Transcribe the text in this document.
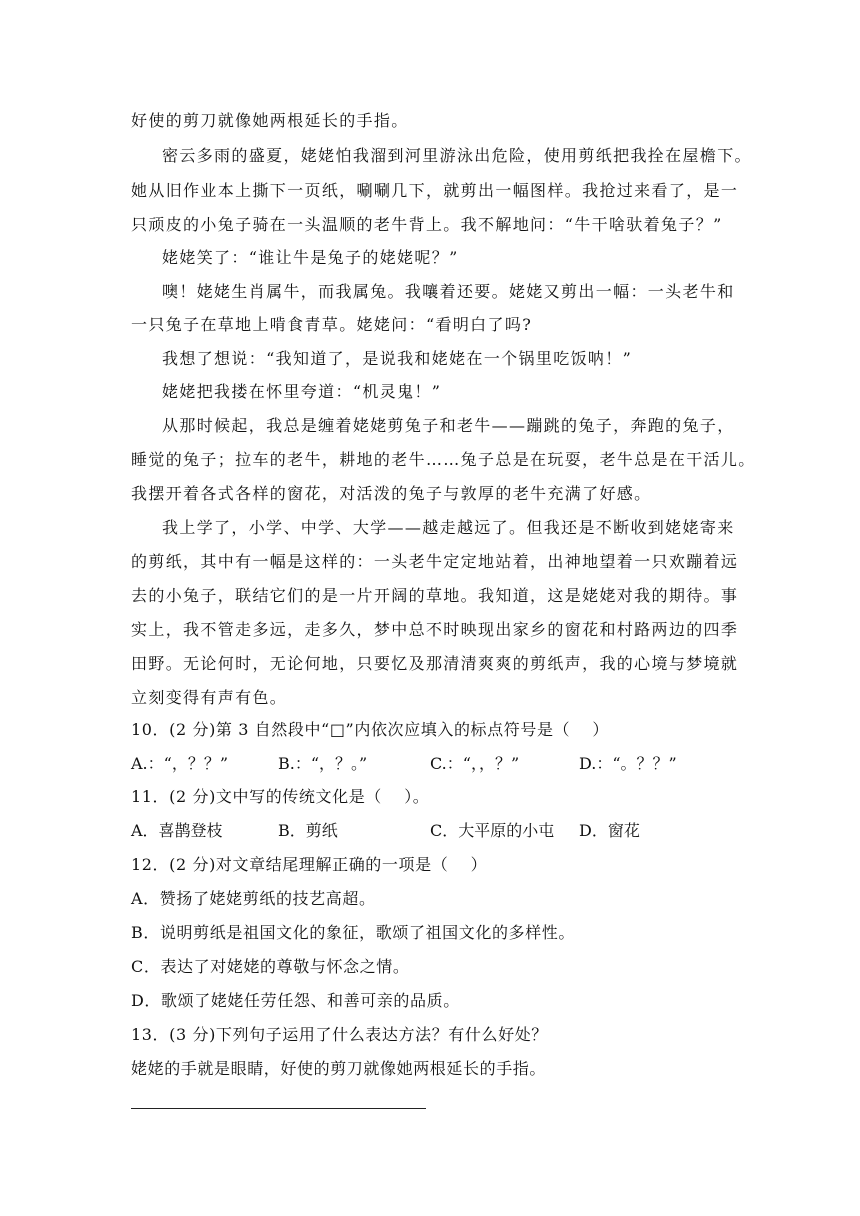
好使的剪刀就像她两根延长的手指。
密云多雨的盛夏，姥姥怕我溜到河里游泳出危险，使用剪纸把我拴在屋檐下。
她从旧作业本上撕下一页纸，唰唰几下，就剪出一幅图样。我抢过来看了，是一
只顽皮的小兔子骑在一头温顺的老牛背上。我不解地问：“牛干啥驮着兔子？”
姥姥笑了：“谁让牛是兔子的姥姥呢？”
噢！姥姥生肖属牛，而我属兔。我嚷着还要。姥姥又剪出一幅：一头老牛和
一只兔子在草地上啃食青草。姥姥问：“看明白了吗?
我想了想说：“我知道了，是说我和姥姥在一个锅里吃饭呐！”
姥姥把我搂在怀里夸道：“机灵鬼！”
从那时候起，我总是缠着姥姥剪兔子和老牛——蹦跳的兔子，奔跑的兔子，
睡觉的兔子；拉车的老牛，耕地的老牛……兔子总是在玩耍，老牛总是在干活儿。
我摆开着各式各样的窗花，对活泼的兔子与敦厚的老牛充满了好感。
我上学了，小学、中学、大学——越走越远了。但我还是不断收到姥姥寄来
的剪纸，其中有一幅是这样的：一头老牛定定地站着，出神地望着一只欢蹦着远
去的小兔子，联结它们的是一片开阔的草地。我知道，这是姥姥对我的期待。事
实上，我不管走多远，走多久，梦中总不时映现出家乡的窗花和村路两边的四季
田野。无论何时，无论何地，只要忆及那清清爽爽的剪纸声，我的心境与梦境就
立刻变得有声有色。
10．(2 分)第 3 自然段中“□”内依次应填入的标点符号是（　 ）
A.：“，？？”	B.：“，？。”	C.：“，，？”	D.：“。？？”
11．(2 分)文中写的传统文化是（　 ）。
A．喜鹊登枝	B．剪纸	C．大平原的小屯 D．窗花
12．(2 分)对文章结尾理解正确的一项是（　 ）
A．赞扬了姥姥剪纸的技艺高超。
B．说明剪纸是祖国文化的象征，歌颂了祖国文化的多样性。
C．表达了对姥姥的尊敬与怀念之情。
D．歌颂了姥姥任劳任怨、和善可亲的品质。
13．(3 分)下列句子运用了什么表达方法？有什么好处？
姥姥的手就是眼睛，好使的剪刀就像她两根延长的手指。
